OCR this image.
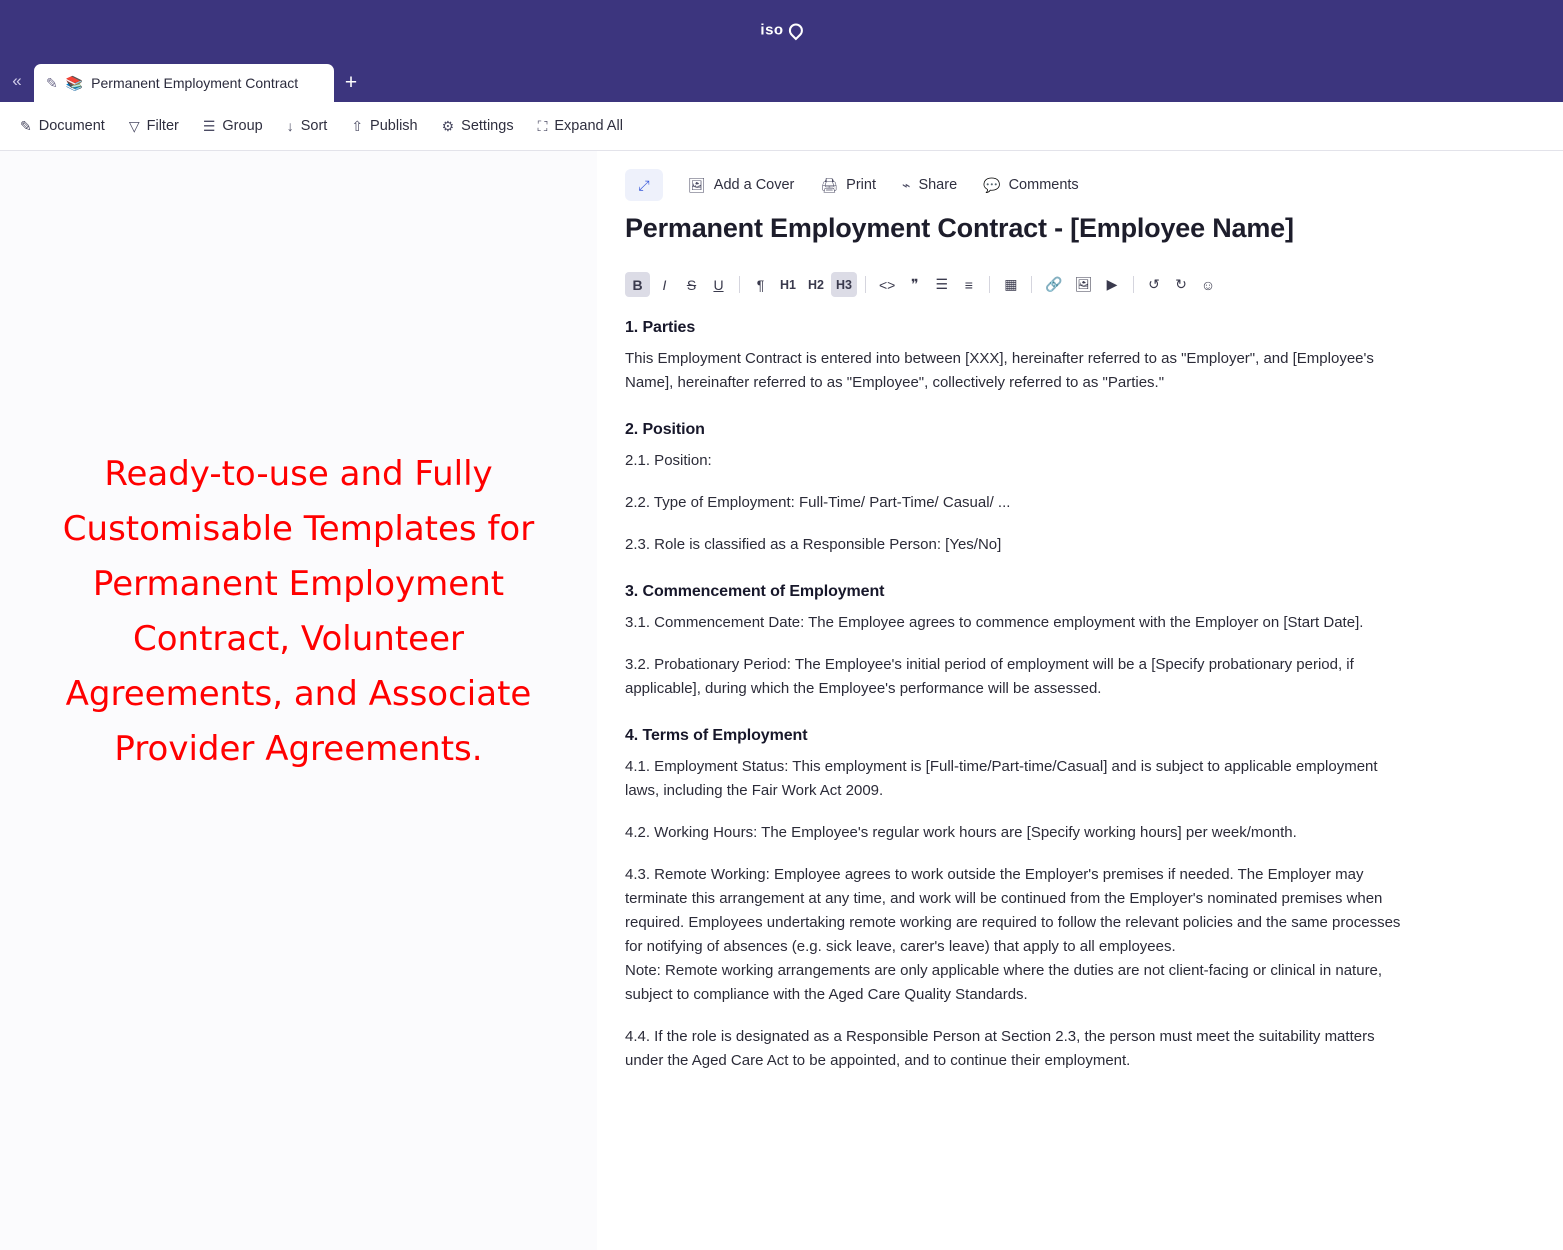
iso
« ✎ 📚 Permanent Employment Contract +
✎ Document ▽ Filter ☰ Group ↓ Sort ⇧ Publish ⚙ Settings ⛶ Expand All
Ready-to-use and Fully Customisable Templates for Permanent Employment Contract, Volunteer Agreements, and Associate Provider Agreements.
⤢	🖼 Add a Cover 🖨 Print ⌁ Share 💬 Comments
Permanent Employment Contract - [Employee Name]
B	I	S	U	¶	H1 H2 H3	<>	❞	☰	≡	▦	🔗 🖼	▶	↺	↻ ☺
1. Parties

This Employment Contract is entered into between [XXX], hereinafter referred to as "Employer", and [Employee's Name], hereinafter referred to as "Employee", collectively referred to as "Parties."

2. Position

2.1. Position:

2.2. Type of Employment: Full-Time/ Part-Time/ Casual/ ...

2.3. Role is classified as a Responsible Person: [Yes/No]

3. Commencement of Employment

3.1. Commencement Date: The Employee agrees to commence employment with the Employer on [Start Date].

3.2. Probationary Period: The Employee's initial period of employment will be a [Specify probationary period, if applicable], during which the Employee's performance will be assessed.

4. Terms of Employment

4.1. Employment Status: This employment is [Full-time/Part-time/Casual] and is subject to applicable employment laws, including the Fair Work Act 2009.

4.2. Working Hours: The Employee's regular work hours are [Specify working hours] per week/month.

4.3. Remote Working: Employee agrees to work outside the Employer's premises if needed. The Employer may terminate this arrangement at any time, and work will be continued from the Employer's nominated premises when required. Employees undertaking remote working are required to follow the relevant policies and the same processes for notifying of absences (e.g. sick leave, carer's leave) that apply to all employees.

Note: Remote working arrangements are only applicable where the duties are not client-facing or clinical in nature, subject to compliance with the Aged Care Quality Standards.

4.4. If the role is designated as a Responsible Person at Section 2.3, the person must meet the suitability matters under the Aged Care Act to be appointed, and to continue their employment.
